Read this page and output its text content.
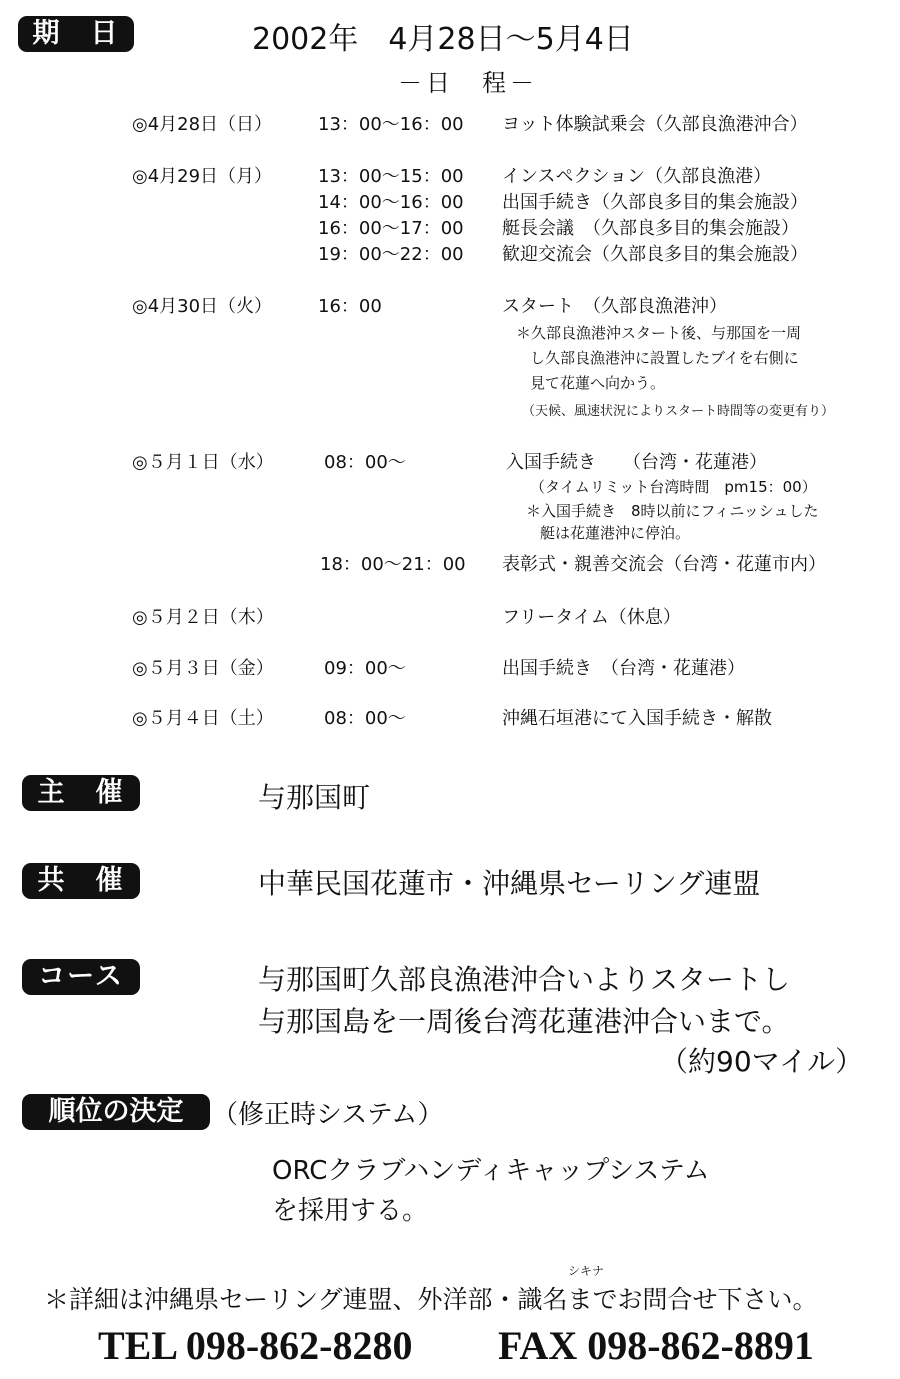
期　日	2002年　4月28日～5月4日
－日　程－
◎4月28日（日）	13：00～16：00 ヨット体験試乗会（久部良漁港沖合）
◎4月29日（月）	13：00～15：00 インスペクション（久部良漁港）
14：00～16：00 出国手続き（久部良多目的集会施設）
16：00～17：00 艇長会議　（久部良多目的集会施設）
19：00～22：00 歓迎交流会（久部良多目的集会施設）
◎4月30日（火）	16：00	スタート　（久部良漁港沖）
＊久部良漁港沖スタート後、与那国を一周
し久部良漁港沖に設置したブイを右側に
見て花蓮へ向かう。
（天候、風速状況によりスタート時間等の変更有り）
◎５月１日（水）	08：00～	入国手続き　　（台湾・花蓮港）
（タイムリミット台湾時間　pm15：00）
＊入国手続き　8時以前にフィニッシュした
艇は花蓮港沖に停泊。
18：00～21：00 表彰式・親善交流会（台湾・花蓮市内）
◎５月２日（木）	フリータイム（休息）
◎５月３日（金）	09：00～	出国手続き　（台湾・花蓮港）
◎５月４日（土）	08：00～	沖縄石垣港にて入国手続き・解散
主　催	与那国町
共　催	中華民国花蓮市・沖縄県セーリング連盟
コース	与那国町久部良漁港沖合いよりスタートし
与那国島を一周後台湾花蓮港沖合いまで。
（約90マイル）
順位の決定	（修正時システム）
ORCクラブハンディキャップシステム
を採用する。
シキナ
＊詳細は沖縄県セーリング連盟、外洋部・識名までお問合せ下さい。
TEL 098-862-8280 FAX 098-862-8891
